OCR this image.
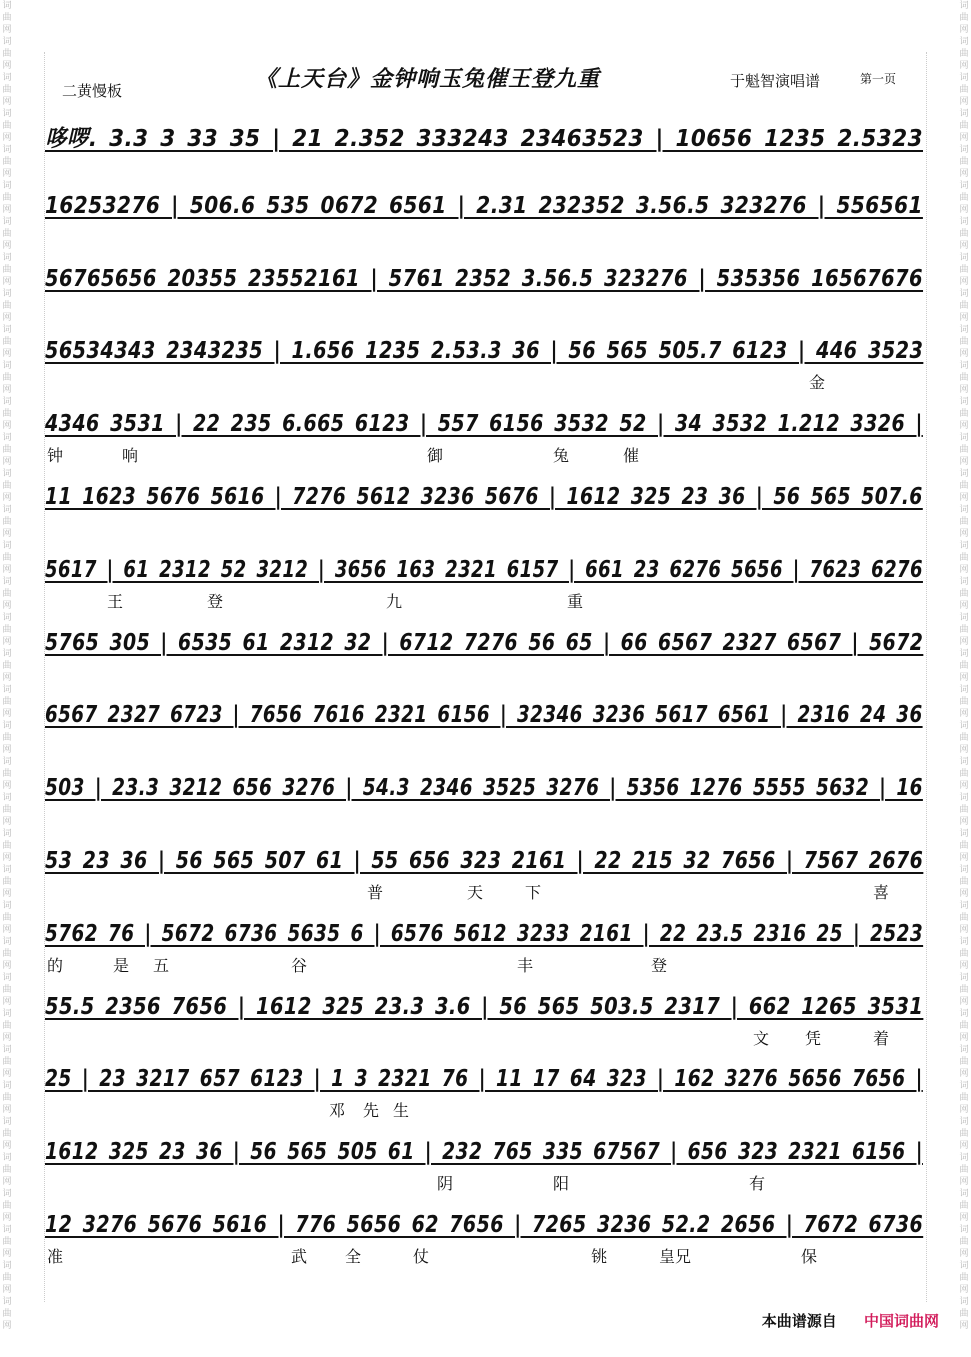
词曲网
词曲网
词曲网
词曲网
词曲网
词曲网
词曲网
词曲网
词曲网
词曲网
词曲网
词曲网
词曲网
词曲网
词曲网
词曲网
词曲网
词曲网
词曲网
词曲网
词曲网
词曲网
词曲网
词曲网
词曲网
词曲网
词曲网
词曲网
词曲网
词曲网
词曲网
词曲网
词曲网
词曲网
词曲网
词曲网
词曲网
词曲网
词曲网
词曲网
词曲网
词曲网
词曲网
词曲网
词曲网
词曲网
词曲网
词曲网
词曲网
词曲网
词曲网
词曲网
词曲网
词曲网
词曲网
词曲网
词曲网
词曲网
词曲网
词曲网
词曲网
词曲网
词曲网
词曲网
词曲网
词曲网
词曲网
词曲网
词曲网
词曲网
词曲网
词曲网
词曲网
词曲网
二黄慢板	《上天台》金钟响玉兔催王登九重	于魁智演唱谱	第一页
哆啰. 3.3 3 33 35 | 21 2.352 333243 23463523 | 10656 1235 2.5323
16253276 | 506.6 535 0672 6561 | 2.31 232352 3.56.5 323276 | 556561
56765656 20355 23552161 | 5761 2352 3.56.5 323276 | 535356 16567676
56534343 2343235 | 1.656 1235 2.53.3 36 | 56 565 505.7 6123 | 446 3523
金
4346 3531 | 22 235 6.665 6123 | 557 6156 3532 52 | 34 3532 1.212 3326 |
钟	响	御	兔	催
11 1623 5676 5616 | 7276 5612 3236 5676 | 1612 325 23 36 | 56 565 507.6
5617 | 61 2312 52 3212 | 3656 163 2321 6157 | 661 23 6276 5656 | 7623 6276
王	登	九	重
5765 305 | 6535 61 2312 32 | 6712 7276 56 65 | 66 6567 2327 6567 | 5672
6567 2327 6723 | 7656 7616 2321 6156 | 32346 3236 5617 6561 | 2316 24 36
503 | 23.3 3212 656 3276 | 54.3 2346 3525 3276 | 5356 1276 5555 5632 | 16
53 23 36 | 56 565 507 61 | 55 656 323 2161 | 22 215 32 7656 | 7567 2676
普	天	下	喜
5762 76 | 5672 6736 5635 6 | 6576 5612 3233 2161 | 22 23.5 2316 25 | 2523
的	是 五	谷	丰	登
55.5 2356 7656 | 1612 325 23.3 3.6 | 56 565 503.5 2317 | 662 1265 3531
文 凭	着
25 | 23 3217 657 6123 | 1 3 2321 76 | 11 17 64 323 | 162 3276 5656 7656 |
邓 先 生
1612 325 23 36 | 56 565 505 61 | 232 765 335 67567 | 656 323 2321 6156 |
阴	阳	有
12 3276 5676 5616 | 776 5656 62 7656 | 7265 3236 52.2 2656 | 7672 6736
准	武 全	仗	铫	皇兄	保
本曲谱源自 中国词曲网
